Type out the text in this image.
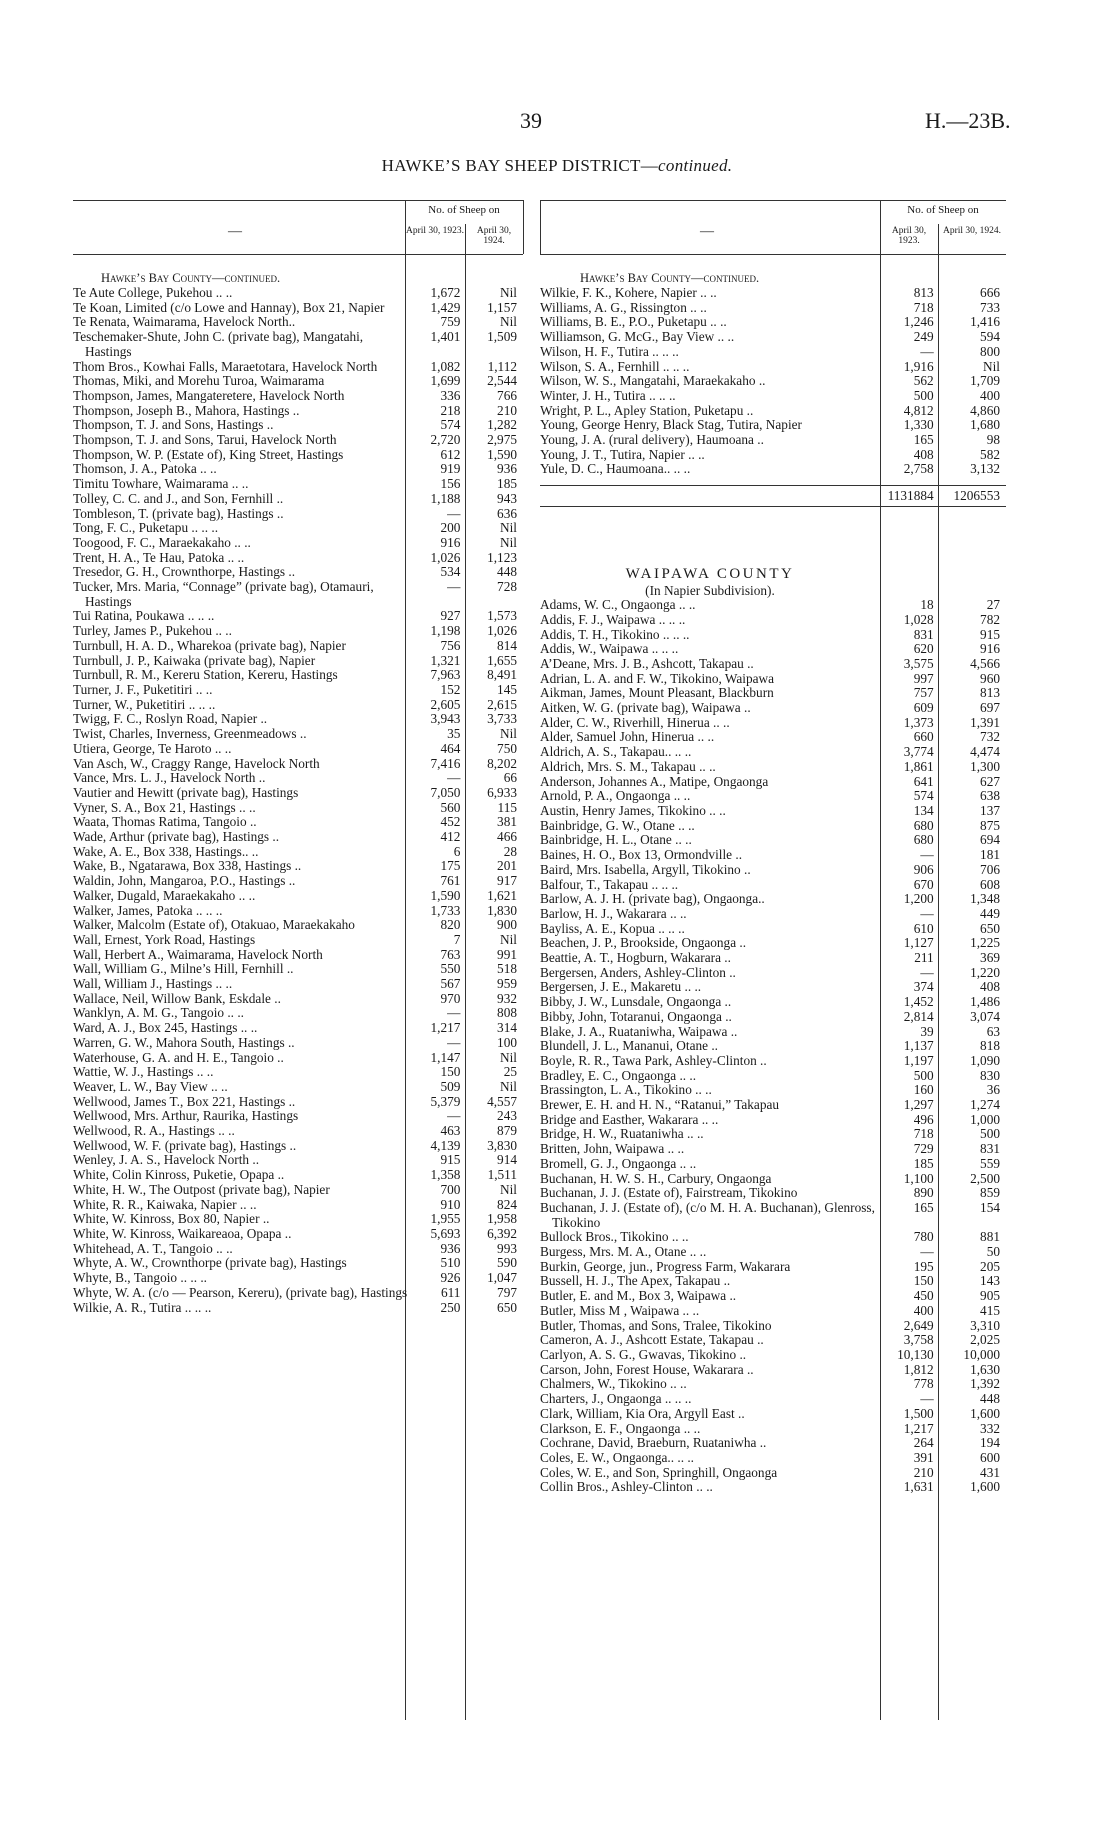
39	H.—23B.
HAWKE’S BAY SHEEP DISTRICT—continued.
—
No. of Sheep on
April 30, 1923.	April 30, 1924.
Hawke’s Bay County—continued.
Te Aute College, Pukehou .. ..	1,672	Nil
Te Koan, Limited (c/o Lowe and Hannay), Box 21, Napier	1,429	1,157
Te Renata, Waimarama, Havelock North..	759	Nil
Teschemaker-Shute, John C. (private bag), Mangatahi, Hastings
1,401	1,509
Thom Bros., Kowhai Falls, Maraetotara, Havelock North	1,082	1,112
Thomas, Miki, and Morehu Turoa, Waimarama	1,699	2,544
Thompson, James, Mangateretere, Havelock North	336	766
Thompson, Joseph B., Mahora, Hastings ..	218	210
Thompson, T. J. and Sons, Hastings ..	574	1,282
Thompson, T. J. and Sons, Tarui, Havelock North	2,720	2,975
Thompson, W. P. (Estate of), King Street, Hastings	612	1,590
Thomson, J. A., Patoka .. ..	919	936
Timitu Towhare, Waimarama .. ..	156	185
Tolley, C. C. and J., and Son, Fernhill ..	1,188	943
Tombleson, T. (private bag), Hastings ..	—	636
Tong, F. C., Puketapu .. .. ..	200	Nil
Toogood, F. C., Maraekakaho .. ..	916	Nil
Trent, H. A., Te Hau, Patoka .. ..	1,026	1,123
Tresedor, G. H., Crownthorpe, Hastings ..	534	448
Tucker, Mrs. Maria, “Connage” (private bag), Otamauri, Hastings
—	728
Tui Ratina, Poukawa .. .. ..	927	1,573
Turley, James P., Pukehou .. ..	1,198	1,026
Turnbull, H. A. D., Wharekoa (private bag), Napier	756	814
Turnbull, J. P., Kaiwaka (private bag), Napier	1,321	1,655
Turnbull, R. M., Kereru Station, Kereru, Hastings	7,963	8,491
Turner, J. F., Puketitiri .. ..	152	145
Turner, W., Puketitiri .. .. ..	2,605	2,615
Twigg, F. C., Roslyn Road, Napier ..	3,943	3,733
Twist, Charles, Inverness, Greenmeadows ..	35	Nil
Utiera, George, Te Haroto .. ..	464	750
Van Asch, W., Craggy Range, Havelock North	7,416	8,202
Vance, Mrs. L. J., Havelock North ..	—	66
Vautier and Hewitt (private bag), Hastings	7,050	6,933
Vyner, S. A., Box 21, Hastings .. ..	560	115
Waata, Thomas Ratima, Tangoio ..	452	381
Wade, Arthur (private bag), Hastings ..	412	466
Wake, A. E., Box 338, Hastings.. ..	6	28
Wake, B., Ngatarawa, Box 338, Hastings ..	175	201
Waldin, John, Mangaroa, P.O., Hastings ..	761	917
Walker, Dugald, Maraekakaho .. ..	1,590	1,621
Walker, James, Patoka .. .. ..	1,733	1,830
Walker, Malcolm (Estate of), Otakuao, Maraekakaho	820	900
Wall, Ernest, York Road, Hastings	7	Nil
Wall, Herbert A., Waimarama, Havelock North	763	991
Wall, William G., Milne’s Hill, Fernhill ..	550	518
Wall, William J., Hastings .. ..	567	959
Wallace, Neil, Willow Bank, Eskdale ..	970	932
Wanklyn, A. M. G., Tangoio .. ..	—	808
Ward, A. J., Box 245, Hastings .. ..	1,217	314
Warren, G. W., Mahora South, Hastings ..	—	100
Waterhouse, G. A. and H. E., Tangoio ..	1,147	Nil
Wattie, W. J., Hastings .. ..	150	25
Weaver, L. W., Bay View .. ..	509	Nil
Wellwood, James T., Box 221, Hastings ..	5,379	4,557
Wellwood, Mrs. Arthur, Raurika, Hastings	—	243
Wellwood, R. A., Hastings .. ..	463	879
Wellwood, W. F. (private bag), Hastings ..	4,139	3,830
Wenley, J. A. S., Havelock North ..	915	914
White, Colin Kinross, Puketie, Opapa ..	1,358	1,511
White, H. W., The Outpost (private bag), Napier	700	Nil
White, R. R., Kaiwaka, Napier .. ..	910	824
White, W. Kinross, Box 80, Napier ..	1,955	1,958
White, W. Kinross, Waikareaoa, Opapa ..	5,693	6,392
Whitehead, A. T., Tangoio .. ..	936	993
Whyte, A. W., Crownthorpe (private bag), Hastings	510	590
Whyte, B., Tangoio .. .. ..	926	1,047
Whyte, W. A. (c/o — Pearson, Kereru), (private bag), Hastings	611	797
Wilkie, A. R., Tutira .. .. ..	250	650
—
No. of Sheep on
April 30, 1923.
April 30, 1924.
Hawke’s Bay County—continued.
Wilkie, F. K., Kohere, Napier .. ..	813	666
Williams, A. G., Rissington .. ..	718	733
Williams, B. E., P.O., Puketapu .. ..	1,246	1,416
Williamson, G. McG., Bay View .. ..	249	594
Wilson, H. F., Tutira .. .. ..	—	800
Wilson, S. A., Fernhill .. .. ..	1,916	Nil
Wilson, W. S., Mangatahi, Maraekakaho ..	562	1,709
Winter, J. H., Tutira .. .. ..	500	400
Wright, P. L., Apley Station, Puketapu ..	4,812	4,860
Young, George Henry, Black Stag, Tutira, Napier	1,330	1,680
Young, J. A. (rural delivery), Haumoana ..	165	98
Young, J. T., Tutira, Napier .. ..	408	582
Yule, D. C., Haumoana.. .. ..	2,758	3,132
1131884	1206553
WAIPAWA COUNTY
(In Napier Subdivision).
Adams, W. C., Ongaonga .. ..	18	27
Addis, F. J., Waipawa .. .. ..	1,028	782
Addis, T. H., Tikokino .. .. ..	831	915
Addis, W., Waipawa .. .. ..	620	916
A’Deane, Mrs. J. B., Ashcott, Takapau ..	3,575	4,566
Adrian, L. A. and F. W., Tikokino, Waipawa	997	960
Aikman, James, Mount Pleasant, Blackburn	757	813
Aitken, W. G. (private bag), Waipawa ..	609	697
Alder, C. W., Riverhill, Hinerua .. ..	1,373	1,391
Alder, Samuel John, Hinerua .. ..	660	732
Aldrich, A. S., Takapau.. .. ..	3,774	4,474
Aldrich, Mrs. S. M., Takapau .. ..	1,861	1,300
Anderson, Johannes A., Matipe, Ongaonga	641	627
Arnold, P. A., Ongaonga .. ..	574	638
Austin, Henry James, Tikokino .. ..	134	137
Bainbridge, G. W., Otane .. ..	680	875
Bainbridge, H. L., Otane .. ..	680	694
Baines, H. O., Box 13, Ormondville ..	—	181
Baird, Mrs. Isabella, Argyll, Tikokino ..	906	706
Balfour, T., Takapau .. .. ..	670	608
Barlow, A. J. H. (private bag), Ongaonga..	1,200	1,348
Barlow, H. J., Wakarara .. ..	—	449
Bayliss, A. E., Kopua .. .. ..	610	650
Beachen, J. P., Brookside, Ongaonga ..	1,127	1,225
Beattie, A. T., Hogburn, Wakarara ..	211	369
Bergersen, Anders, Ashley-Clinton ..	—	1,220
Bergersen, J. E., Makaretu .. ..	374	408
Bibby, J. W., Lunsdale, Ongaonga ..	1,452	1,486
Bibby, John, Totaranui, Ongaonga ..	2,814	3,074
Blake, J. A., Ruataniwha, Waipawa ..	39	63
Blundell, J. L., Mananui, Otane ..	1,137	818
Boyle, R. R., Tawa Park, Ashley-Clinton ..	1,197	1,090
Bradley, E. C., Ongaonga .. ..	500	830
Brassington, L. A., Tikokino .. ..	160	36
Brewer, E. H. and H. N., “Ratanui,” Takapau	1,297	1,274
Bridge and Easther, Wakarara .. ..	496	1,000
Bridge, H. W., Ruataniwha .. ..	718	500
Britten, John, Waipawa .. ..	729	831
Bromell, G. J., Ongaonga .. ..	185	559
Buchanan, H. W. S. H., Carbury, Ongaonga	1,100	2,500
Buchanan, J. J. (Estate of), Fairstream, Tikokino	890	859
Buchanan, J. J. (Estate of), (c/o M. H. A. Buchanan), Glenross, Tikokino
165	154
Bullock Bros., Tikokino .. ..	780	881
Burgess, Mrs. M. A., Otane .. ..	—	50
Burkin, George, jun., Progress Farm, Wakarara	195	205
Bussell, H. J., The Apex, Takapau ..	150	143
Butler, E. and M., Box 3, Waipawa ..	450	905
Butler, Miss M , Waipawa .. ..	400	415
Butler, Thomas, and Sons, Tralee, Tikokino	2,649	3,310
Cameron, A. J., Ashcott Estate, Takapau ..	3,758	2,025
Carlyon, A. S. G., Gwavas, Tikokino ..	10,130	10,000
Carson, John, Forest House, Wakarara ..	1,812	1,630
Chalmers, W., Tikokino .. ..	778	1,392
Charters, J., Ongaonga .. .. ..	—	448
Clark, William, Kia Ora, Argyll East ..	1,500	1,600
Clarkson, E. F., Ongaonga .. ..	1,217	332
Cochrane, David, Braeburn, Ruataniwha ..	264	194
Coles, E. W., Ongaonga.. .. ..	391	600
Coles, W. E., and Son, Springhill, Ongaonga	210	431
Collin Bros., Ashley-Clinton .. ..	1,631	1,600
